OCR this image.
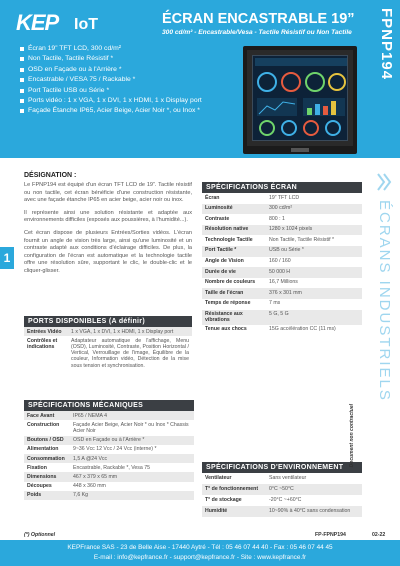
KEP IoT	ÉCRAN ENCASTRABLE 19”
300 cd/m² - Encastrable/Vesa - Tactile Résistif ou Non Tactile
Écran 19” TFT LCD, 300 cd/m²
Non Tactile, Tactile Résistif *
OSD en Façade ou à l'Arrière *
Encastrable / VESA 75 / Rackable *
Port Tactile USB ou Série *
Ports vidéo : 1 x VGA, 1 x DVI, 1 x HDMI, 1 x Display port
Façade Étanche IP65, Acier Beige, Acier Noir *, ou Inox *
FPNP194
ÉCRANS INDUSTRIELS
1
DÉSIGNATION :

Le FPNP194 est équipé d'un écran TFT LCD de 19”. Tactile résistif ou non tactile, cet écran bénéficie d'une construction résistante, avec une façade étanche IP65 en acier beige, acier noir ou inox.

Il représente ainsi une solution résistante et adaptée aux environnements difficiles (exposés aux poussières, à l'humidité...).

Cet écran dispose de plusieurs Entrées/Sorties vidéos. L'écran fournit un angle de vision très large, ainsi qu'une luminosité et un contraste adapté aux conditions d'éclairage difficiles. De plus, la configuration de l'écran est automatique et la technologie tactile offre une résolution sûre, supportant le clic, le double-clic et le cliquer-glisser.

SPÉCIFICATIONS ÉCRAN
Écran	19” TFT LCD
Luminosité	300 cd/m²
Contraste	800 : 1
Résolution native	1280 x 1024 pixels
Technologie Tactile	Non Tactile, Tactile Résistif *
Port Tactile *	USB ou Série *
Angle de Vision	160 / 160
Durée de vie	50 000 H
Nombre de couleurs	16,7 Millions
Taille de l'écran	376 x 301 mm
Temps de réponse	7 ms
Résistance aux vibrations	5 G, 5 G
Tenue aux chocs	15G accélération CC (11 ms)
PORTS DISPONIBLES (A définir)
Entrées Vidéo	1 x VGA, 1 x DVI, 1 x HDMI, 1 x Display port
Contrôles et indications	Adaptateur automatique de l'affichage, Menu (OSD), Luminosité, Contraste, Position Horizontal / Vertical, Verrouillage de l'image, Équilibre de la couleur, Information vidéo, Détection de la mise sous tension et synchronisation.
SPÉCIFICATIONS MÉCANIQUES
Face Avant	IP65 / NEMA 4
Construction	Façade Acier Beige, Acier Noir * ou Inox * Chassis Acier Noir
Boutons / OSD	OSD en Façade ou à l'Arrière *
Alimentation	9~36 Vcc 12 Vcc / 24 Vcc (interne) *
Consommation	1,5 A @24 Vcc
Fixation	Encastrable, Rackable *, Vesa 75
Dimensions	467 x 379 x 65 mm
Découpes	448 x 360 mm
Poids	7,6 Kg
SPÉCIFICATIONS D'ENVIRONNEMENT
Ventilateur	Sans ventilateur
T° de fonctionnement	0°C ~50°C
T° de stockage	-20°C ~+60°C
Humidité	10~90% à 40°C sans condensation
Document non contractuel
(*) Optionnel	FP-FPNP194	02-22
KEPFrance SAS - 23 de Belle Aise - 17440 Aytré - Tél : 05 46 07 44 40 - Fax : 05 46 07 44 45
E-mail : info@kepfrance.fr - support@kepfrance.fr - Site : www.kepfrance.fr
